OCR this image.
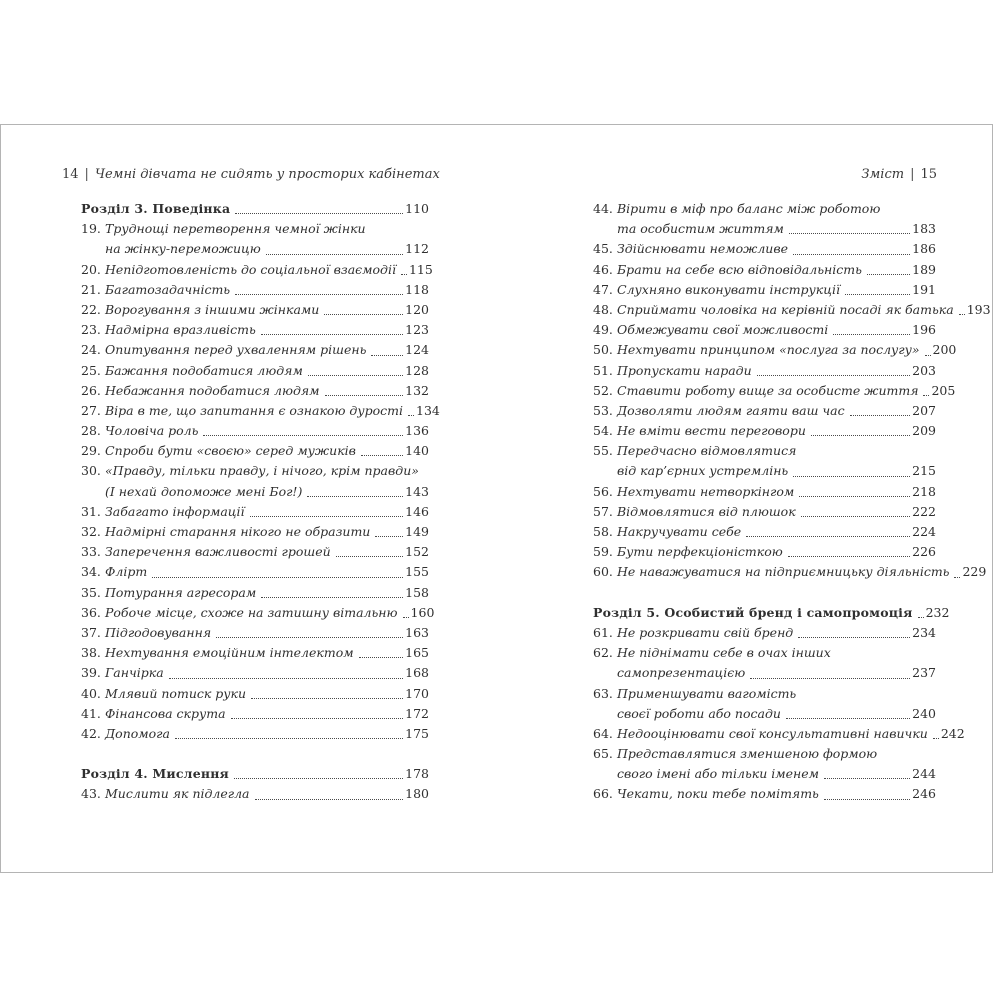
14 | Чемні дівчата не сидять у просторих кабінетах	Зміст | 15
Розділ 3. Поведінка	110
19. Труднощі перетворення чемної жінки
на жінку-переможицю	112
20. Непідготовленість до соціальної взаємодії 115
21. Багатозадачність	118
22. Ворогування з іншими жінками	120
23. Надмірна вразливість	123
24. Опитування перед ухваленням рішень	124
25. Бажання подобатися людям	128
26. Небажання подобатися людям	132
27. Віра в те, що запитання є ознакою дурості 134
28. Чоловіча роль	136
29. Спроби бути «своєю» серед мужиків	140
30. «Правду, тільки правду, і нічого, крім правди»
(І нехай допоможе мені Бог!)	143
31. Забагато інформації	146
32. Надмірні старання нікого не образити	149
33. Заперечення важливості грошей	152
34. Флірт	155
35. Потурання агресорам	158
36. Робоче місце, схоже на затишну вітальню 160
37. Підгодовування	163
38. Нехтування емоційним інтелектом	165
39. Ганчірка	168
40. Млявий потиск руки	170
41. Фінансова скрута	172
42. Допомога	175
Розділ 4. Мислення	178
43. Мислити як підлегла	180
44. Вірити в міф про баланс між роботою
та особистим життям	183
45. Здійснювати неможливе	186
46. Брати на себе всю відповідальність	189
47. Слухняно виконувати інструкції	191
48. Сприймати чоловіка на керівній посаді як батька 193
49. Обмежувати свої можливості	196
50. Нехтувати принципом «послуга за послугу» 200
51. Пропускати наради	203
52. Ставити роботу вище за особисте життя 205
53. Дозволяти людям гаяти ваш час	207
54. Не вміти вести переговори	209
55. Передчасно відмовлятися
від кар’єрних устремлінь	215
56. Нехтувати нетворкінгом	218
57. Відмовлятися від плюшок	222
58. Накручувати себе	224
59. Бути перфекціоністкою	226
60. Не наважуватися на підприємницьку діяльність 229
Розділ 5. Особистий бренд і самопромоція 232
61. Не розкривати свій бренд	234
62. Не піднімати себе в очах інших
самопрезентацією	237
63. Применшувати вагомість
своєї роботи або посади	240
64. Недооцінювати свої консультативні навички 242
65. Представлятися зменшеною формою
свого імені або тільки іменем	244
66. Чекати, поки тебе помітять	246
